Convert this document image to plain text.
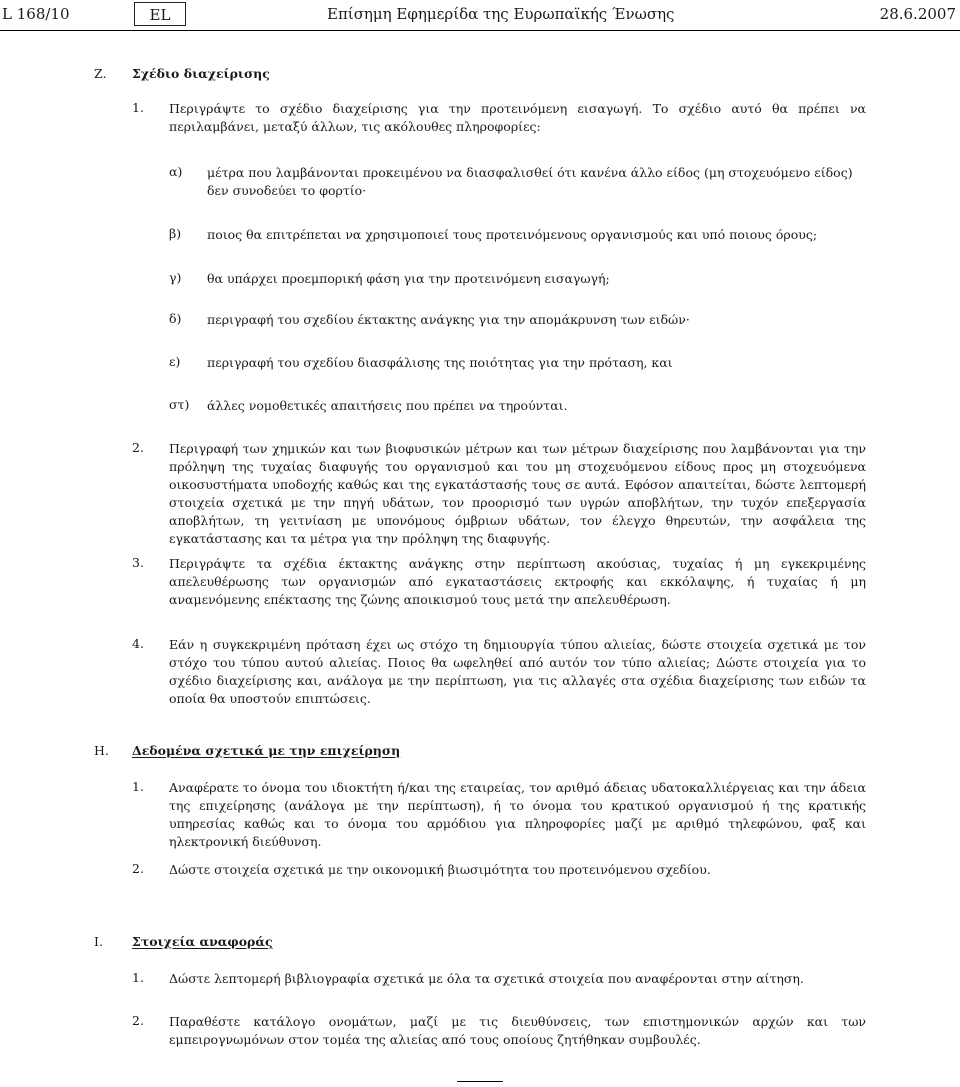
L 168/10	EL	Επίσημη Εφημερίδα της Ευρωπαϊκής Ένωσης	28.6.2007
Ζ. Σχέδιο διαχείρισης
1. Περιγράψτε το σχέδιο διαχείρισης για την προτεινόμενη εισαγωγή. Το σχέδιο αυτό θα πρέπει να περιλαμβάνει, μεταξύ άλλων, τις ακόλουθες πληροφορίες:
α) μέτρα που λαμβάνονται προκειμένου να διασφαλισθεί ότι κανένα άλλο είδος (μη στοχευόμενο είδος) δεν συνοδεύει το φορτίο·
β) ποιος θα επιτρέπεται να χρησιμοποιεί τους προτεινόμενους οργανισμούς και υπό ποιους όρους;
γ) θα υπάρχει προεμπορική φάση για την προτεινόμενη εισαγωγή;
δ) περιγραφή του σχεδίου έκτακτης ανάγκης για την απομάκρυνση των ειδών·
ε) περιγραφή του σχεδίου διασφάλισης της ποιότητας για την πρόταση, και
στ) άλλες νομοθετικές απαιτήσεις που πρέπει να τηρούνται.
2. Περιγραφή των χημικών και των βιοφυσικών μέτρων και των μέτρων διαχείρισης που λαμβάνονται για την πρόληψη της τυχαίας διαφυγής του οργανισμού και του μη στοχευόμενου είδους προς μη στοχευόμενα οικοσυστήματα υποδοχής καθώς και της εγκατάστασής τους σε αυτά. Εφόσον απαιτείται, δώστε λεπτομερή στοιχεία σχετικά με την πηγή υδάτων, τον προορισμό των υγρών αποβλήτων, την τυχόν επεξεργασία αποβλήτων, τη γειτνίαση με υπονόμους όμβριων υδάτων, τον έλεγχο θηρευτών, την ασφάλεια της εγκατάστασης και τα μέτρα για την πρόληψη της διαφυγής.
3. Περιγράψτε τα σχέδια έκτακτης ανάγκης στην περίπτωση ακούσιας, τυχαίας ή μη εγκεκριμένης απελευθέρωσης των οργανισμών από εγκαταστάσεις εκτροφής και εκκόλαψης, ή τυχαίας ή μη αναμενόμενης επέκτασης της ζώνης αποικισμού τους μετά την απελευθέρωση.
4. Εάν η συγκεκριμένη πρόταση έχει ως στόχο τη δημιουργία τύπου αλιείας, δώστε στοιχεία σχετικά με τον στόχο του τύπου αυτού αλιείας. Ποιος θα ωφεληθεί από αυτόν τον τύπο αλιείας; Δώστε στοιχεία για το σχέδιο διαχείρισης και, ανάλογα με την περίπτωση, για τις αλλαγές στα σχέδια διαχείρισης των ειδών τα οποία θα υποστούν επιπτώσεις.
Η. Δεδομένα σχετικά με την επιχείρηση
1. Αναφέρατε το όνομα του ιδιοκτήτη ή/και της εταιρείας, τον αριθμό άδειας υδατοκαλλιέργειας και την άδεια της επιχείρησης (ανάλογα με την περίπτωση), ή το όνομα του κρατικού οργανισμού ή της κρατικής υπηρεσίας καθώς και το όνομα του αρμόδιου για πληροφορίες μαζί με αριθμό τηλεφώνου, φαξ και ηλεκτρονική διεύθυνση.
2. Δώστε στοιχεία σχετικά με την οικονομική βιωσιμότητα του προτεινόμενου σχεδίου.
Ι. Στοιχεία αναφοράς
1. Δώστε λεπτομερή βιβλιογραφία σχετικά με όλα τα σχετικά στοιχεία που αναφέρονται στην αίτηση.
2. Παραθέστε κατάλογο ονομάτων, μαζί με τις διευθύνσεις, των επιστημονικών αρχών και των εμπειρογνωμόνων στον τομέα της αλιείας από τους οποίους ζητήθηκαν συμβουλές.
